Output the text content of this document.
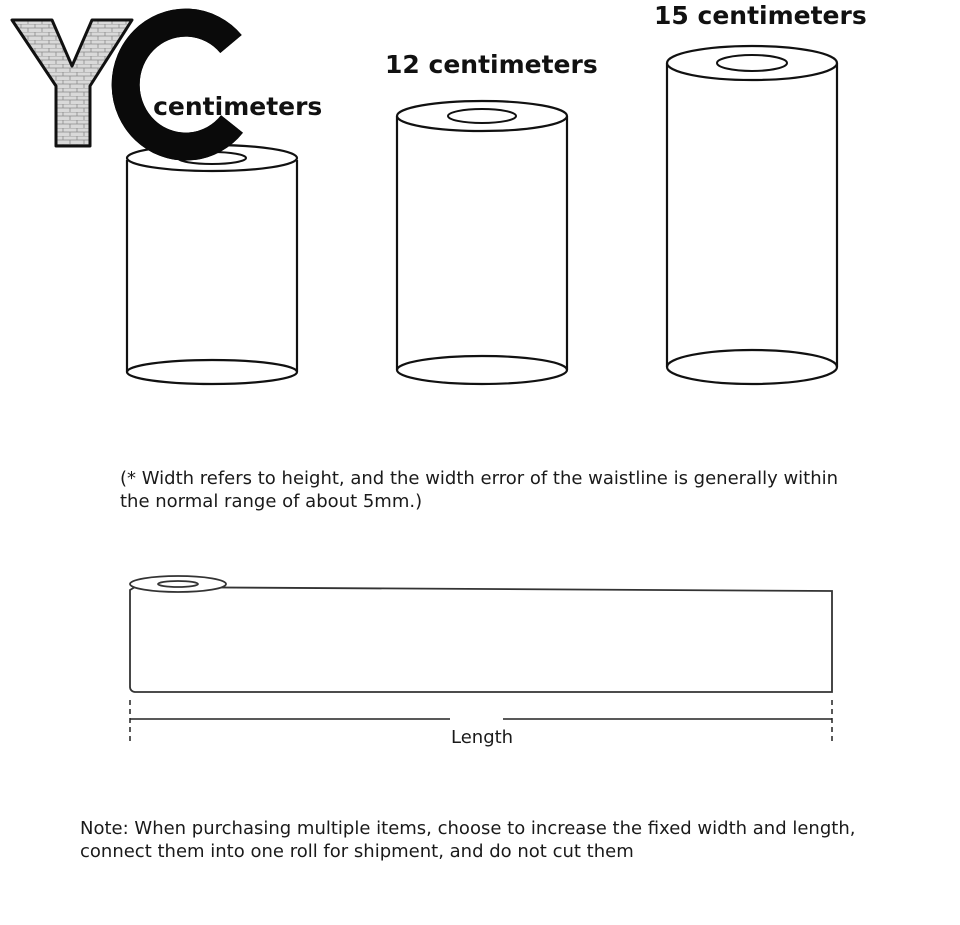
9 centimeters
12 centimeters
15 centimeters
(* Width refers to height, and the width error of the waistline is generally within
the normal range of about 5mm.)
Length
Note: When purchasing multiple items, choose to increase the fixed width and length,
connect them into one roll for shipment, and do not cut them
